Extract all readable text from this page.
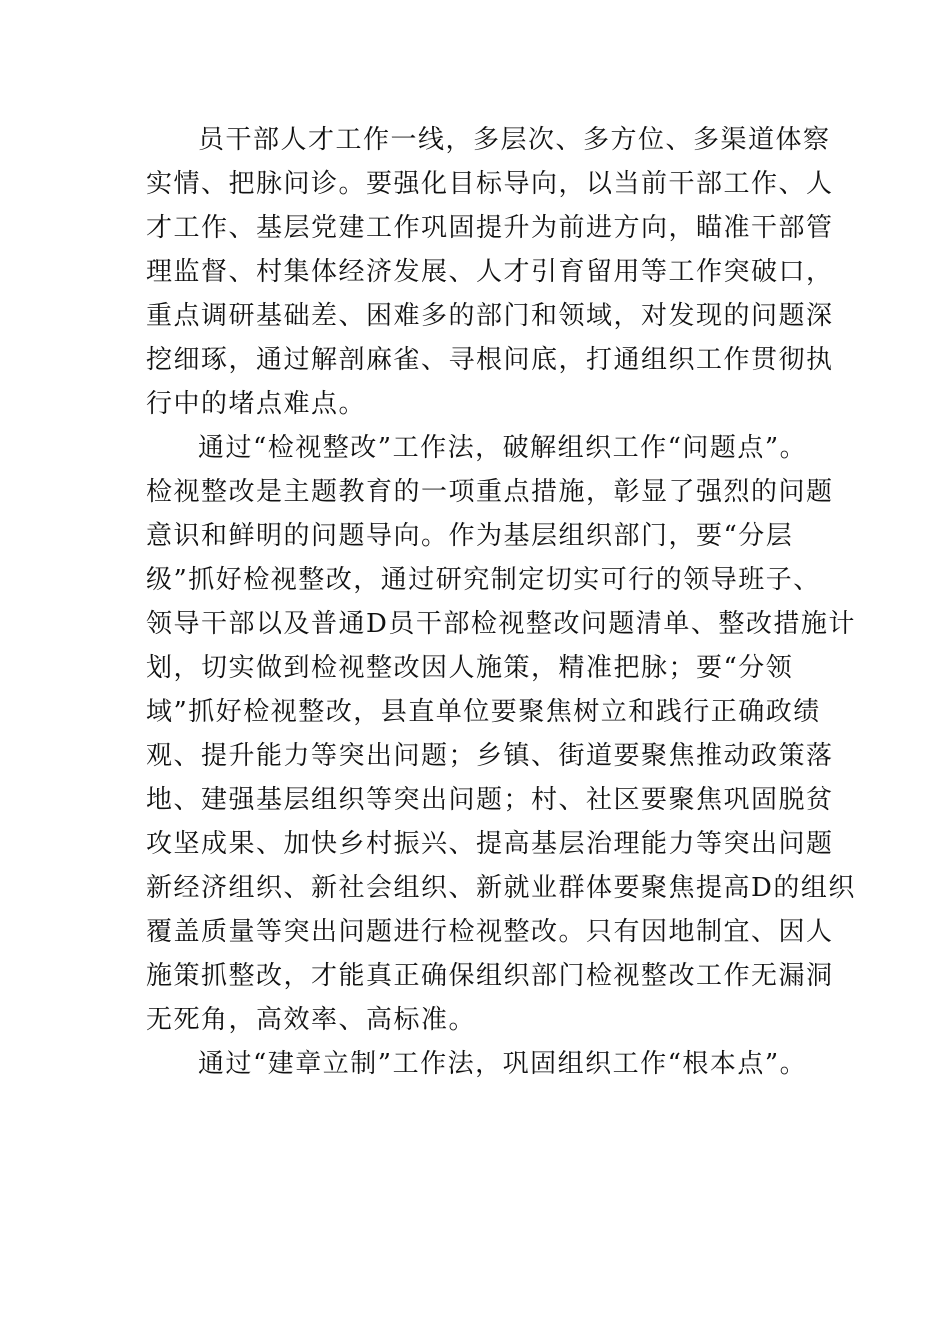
员干部人才工作一线，多层次、多方位、多渠道体察
实情、把脉问诊。要强化目标导向，以当前干部工作、人
才工作、基层党建工作巩固提升为前进方向，瞄准干部管
理监督、村集体经济发展、人才引育留用等工作突破口，
重点调研基础差、困难多的部门和领域，对发现的问题深
挖细琢，通过解剖麻雀、寻根问底，打通组织工作贯彻执
行中的堵点难点。
通过“检视整改”工作法，破解组织工作“问题点”。
检视整改是主题教育的一项重点措施，彰显了强烈的问题
意识和鲜明的问题导向。作为基层组织部门，要“分层
级”抓好检视整改，通过研究制定切实可行的领导班子、
领导干部以及普通D员干部检视整改问题清单、整改措施计
划，切实做到检视整改因人施策，精准把脉；要“分领
域”抓好检视整改，县直单位要聚焦树立和践行正确政绩
观、提升能力等突出问题；乡镇、街道要聚焦推动政策落
地、建强基层组织等突出问题；村、社区要聚焦巩固脱贫
攻坚成果、加快乡村振兴、提高基层治理能力等突出问题
新经济组织、新社会组织、新就业群体要聚焦提高D的组织
覆盖质量等突出问题进行检视整改。只有因地制宜、因人
施策抓整改，才能真正确保组织部门检视整改工作无漏洞
无死角，高效率、高标准。
通过“建章立制”工作法，巩固组织工作“根本点”。
